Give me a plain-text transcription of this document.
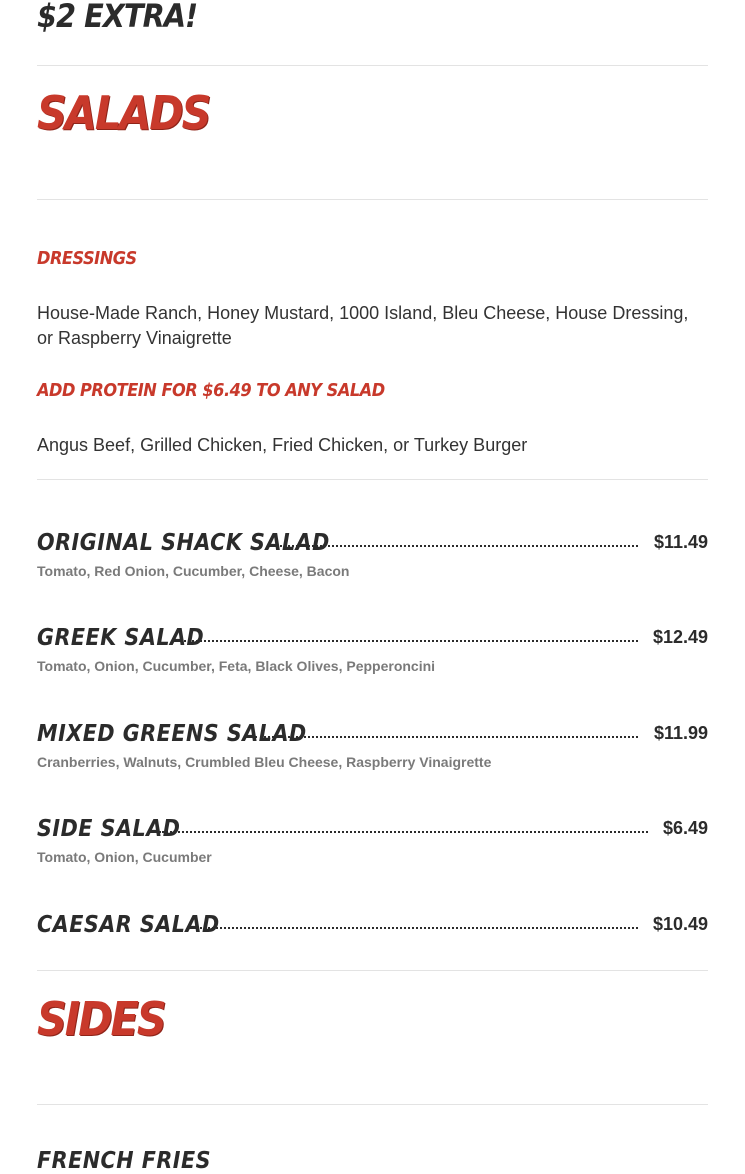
$2 EXTRA!
SALADS
DRESSINGS
House-Made Ranch, Honey Mustard, 1000 Island, Bleu Cheese, House Dressing, or Raspberry Vinaigrette
ADD PROTEIN FOR $6.49 TO ANY SALAD
Angus Beef, Grilled Chicken, Fried Chicken, or Turkey Burger
ORIGINAL SHACK SALAD	$11.49
Tomato, Red Onion, Cucumber, Cheese, Bacon
GREEK SALAD	$12.49
Tomato, Onion, Cucumber, Feta, Black Olives, Pepperoncini
MIXED GREENS SALAD	$11.99
Cranberries, Walnuts, Crumbled Bleu Cheese, Raspberry Vinaigrette
SIDE SALAD	$6.49
Tomato, Onion, Cucumber
CAESAR SALAD	$10.49
SIDES
FRENCH FRIES
